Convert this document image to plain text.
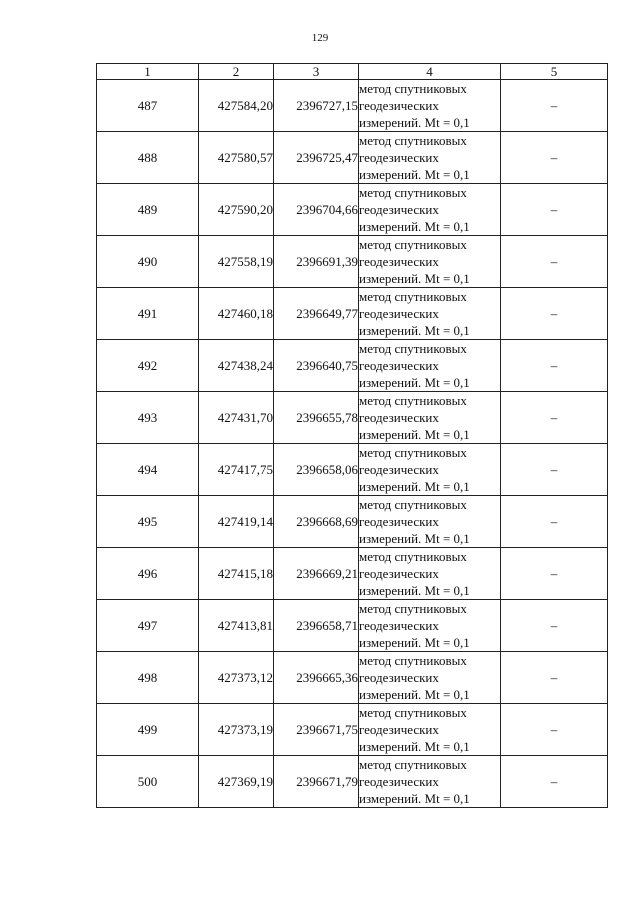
129
1	2	3	4	5
487	427584,20	2396727,15	метод спутниковых
геодезических
измерений. Mt = 0,1	–
488	427580,57	2396725,47	метод спутниковых
геодезических
измерений. Mt = 0,1	–
489	427590,20	2396704,66	метод спутниковых
геодезических
измерений. Mt = 0,1	–
490	427558,19	2396691,39	метод спутниковых
геодезических
измерений. Mt = 0,1	–
491	427460,18	2396649,77	метод спутниковых
геодезических
измерений. Mt = 0,1	–
492	427438,24	2396640,75	метод спутниковых
геодезических
измерений. Mt = 0,1	–
493	427431,70	2396655,78	метод спутниковых
геодезических
измерений. Mt = 0,1	–
494	427417,75	2396658,06	метод спутниковых
геодезических
измерений. Mt = 0,1	–
495	427419,14	2396668,69	метод спутниковых
геодезических
измерений. Mt = 0,1	–
496	427415,18	2396669,21	метод спутниковых
геодезических
измерений. Mt = 0,1	–
497	427413,81	2396658,71	метод спутниковых
геодезических
измерений. Mt = 0,1	–
498	427373,12	2396665,36	метод спутниковых
геодезических
измерений. Mt = 0,1	–
499	427373,19	2396671,75	метод спутниковых
геодезических
измерений. Mt = 0,1	–
500	427369,19	2396671,79	метод спутниковых
геодезических
измерений. Mt = 0,1	–
